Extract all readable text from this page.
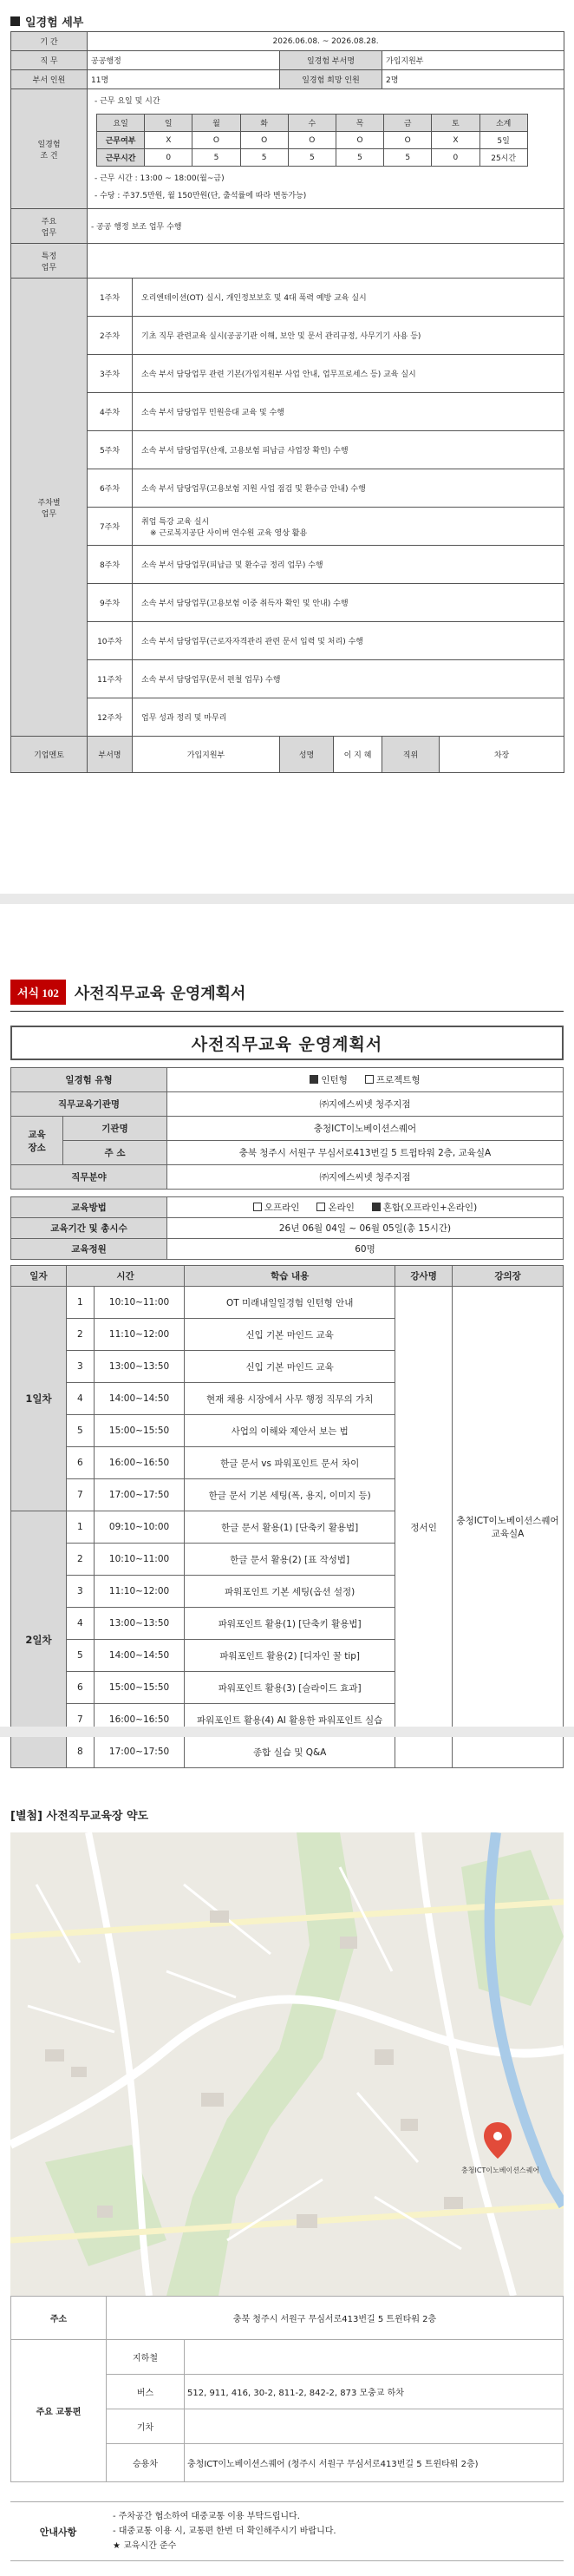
일경험 세부
기 간	2026.06.08. ~ 2026.08.28.
직 무	공공행정	일경험 부서명	가입지원부
부서 인원	11명	일경험 희망 인원	2명

일경험
조 건

- 근무 요일 및 시간
요일	일	월	화	수	목	금	토	소계
근무여부	X	O	O	O	O	O	X	5일
근무시간	0	5	5	5	5	5	0	25시간
- 근무 시간 : 13:00 ~ 18:00(월~금)
- 수당 : 주37.5만원, 월 150만원(단, 출석률에 따라 변동가능)

주요
업무
	- 공공 행정 보조 업무 수행

특정
업무

주차별
업무
	1주차	오리엔테이션(OT) 실시, 개인정보보호 및 4대 폭력 예방 교육 실시

2주차	기초 직무 관련교육 실시(공공기관 이해, 보안 및 문서 관리규정, 사무기기 사용 등)

3주차	소속 부서 담당업무 관련 기본(가입지원부 사업 안내, 업무프로세스 등) 교육 실시

4주차	소속 부서 담당업무 민원응대 교육 및 수행

5주차	소속 부서 담당업무(산재, 고용보험 피납금 사업장 확인) 수행

6주차	소속 부서 담당업무(고용보험 지원 사업 점검 및 환수금 안내) 수행

7주차	
취업 특강 교육 실시
※ 근로복지공단 사이버 연수원 교육 영상 활용

8주차	소속 부서 담당업무(피납금 및 환수금 정리 업무) 수행

9주차	소속 부서 담당업무(고용보험 이중 취득자 확인 및 안내) 수행

10주차	소속 부서 담당업무(근로자자격관리 관련 문서 입력 및 처리) 수행

11주차	소속 부서 담당업무(문서 편철 업무) 수행

12주차	업무 성과 정리 및 마무리

기업멘토	부서명	가입지원부	성명	이 지 혜	직위	차장
서식 102	사전직무교육 운영계획서
사전직무교육 운영계획서
일경험 유형		인턴형 프로젝트형
직무교육기관명		㈜지에스씨넷 청주지점

교육
장소	기관명	충청ICT이노베이션스퀘어
	주 소	충북 청주시 서원구 무심서로413번길 5 트윕타워 2층, 교육실A
직무분야		㈜지에스씨넷 청주지점
교육방법	오프라인 온라인 혼합(오프라인+온라인)
교육기간 및 총시수	26년 06월 04일 ~ 06월 05일(총 15시간)
교육정원	60명
일자	시간		학습 내용	강사명	강의장
1일차	1	10:10~11:00	OT 미래내일일경험 인턴형 안내	정서인	충청ICT이노베이션스퀘어 교육실A
	2	11:10~12:00	신입 기본 마인드 교육		
	3	13:00~13:50	신입 기본 마인드 교육		
	4	14:00~14:50	현재 채용 시장에서 사무 행정 직무의 가치		
	5	15:00~15:50	사업의 이해와 제안서 보는 법		
	6	16:00~16:50	한글 문서 vs 파워포인트 문서 차이		
	7	17:00~17:50	한글 문서 기본 세팅(폭, 용지, 이미지 등)		
2일차	1	09:10~10:00	한글 문서 활용(1) [단축키 활용법]		
	2	10:10~11:00	한글 문서 활용(2) [표 작성법]		
	3	11:10~12:00	파워포인트 기본 세팅(옵션 설정)		
	4	13:00~13:50	파워포인트 활용(1) [단축키 활용법]		
	5	14:00~14:50	파워포인트 활용(2) [디자인 꿀 tip]		
	6	15:00~15:50	파워포인트 활용(3) [슬라이드 효과]		
	7	16:00~16:50	파워포인트 활용(4) AI 활용한 파워포인트 실습		
	8	17:00~17:50	종합 실습 및 Q&A		
[별첨] 사전직무교육장 약도
충청ICT이노베이션스퀘어
주소	충북 청주시 서원구 무심서로413번길 5 트윈타워 2층	
주요 교통편	지하철	
	버스	512, 911, 416, 30-2, 811-2, 842-2, 873 모충교 하차
	기차	
	승용차	충청ICT이노베이션스퀘어 (청주시 서원구 무심서로413번길 5 트윈타워 2층)
안내사항
- 주차공간 협소하여 대중교통 이용 부탁드립니다.
- 대중교통 이용 시, 교통편 한번 더 확인해주시기 바랍니다.
★ 교육시간 준수
